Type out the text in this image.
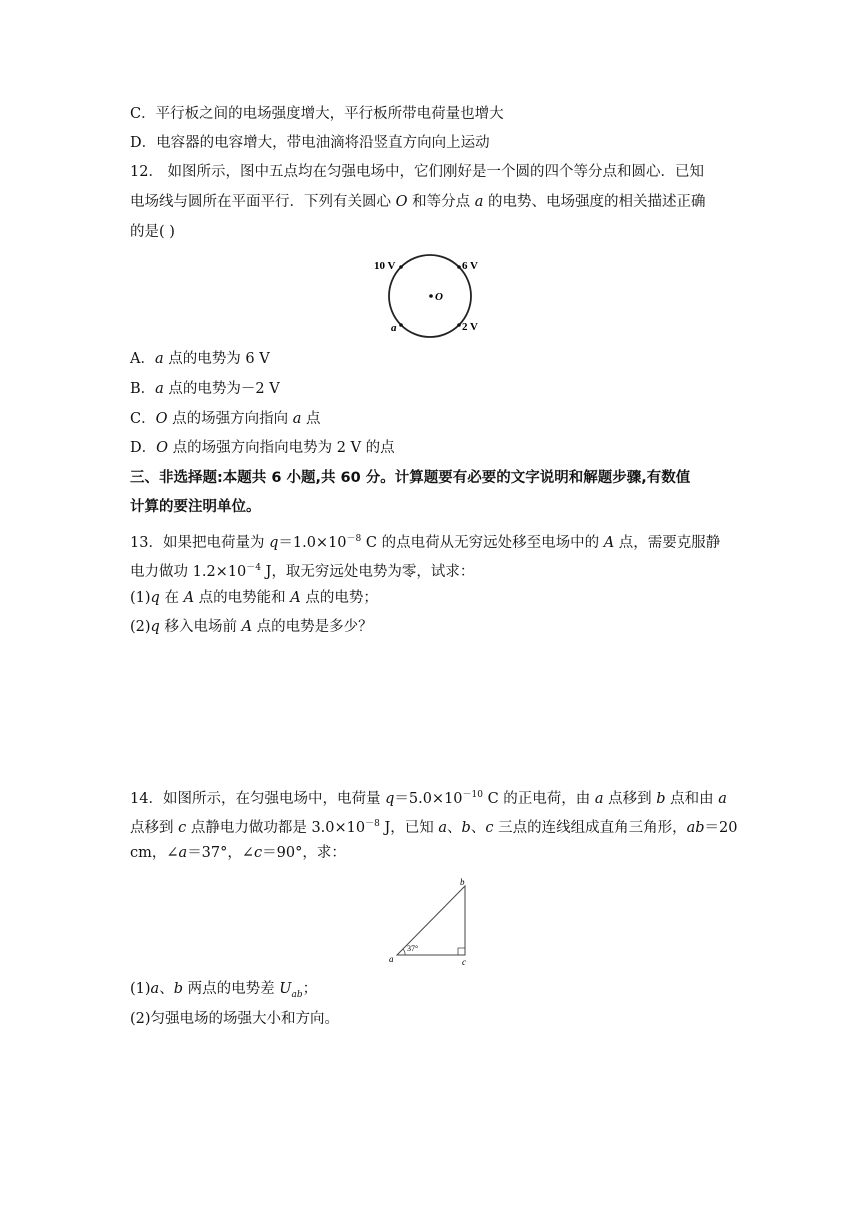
C．平行板之间的电场强度增大，平行板所带电荷量也增大
D．电容器的电容增大，带电油滴将沿竖直方向向上运动
12． 如图所示，图中五点均在匀强电场中，它们刚好是一个圆的四个等分点和圆心．已知
电场线与圆所在平面平行．下列有关圆心 O 和等分点 a 的电势、电场强度的相关描述正确
的是( )
10 V	6 V
2 V
O
a
A．a 点的电势为 6 V
B．a 点的电势为－2 V
C．O 点的场强方向指向 a 点
D．O 点的场强方向指向电势为 2 V 的点
三、非选择题:本题共 6 小题,共 60 分。计算题要有必要的文字说明和解题步骤,有数值
计算的要注明单位。
13．如果把电荷量为 $q=1.0\times 10^{-8}$ C 的点电荷从无穷远处移至电场中的 A 点，需要克服静
电力做功 $1.2\times 10^{-4}$ J，取无穷远处电势为零，试求：
(1)q 在 A 点的电势能和 A 点的电势；
(2)q 移入电场前 A 点的电势是多少？
14．如图所示，在匀强电场中，电荷量 $q=5.0\times 10^{-10}$ C 的正电荷，由 a 点移到 b 点和由 a
点移到 c 点静电力做功都是 $3.0\times 10^{-8}$ J，已知 a、b、c 三点的连线组成直角三角形，ab＝20
cm，∠a＝37°，∠c＝90°，求：
37°
a
b
c
(1)a、b 两点的电势差 $U_{ab}$；
(2)匀强电场的场强大小和方向。
